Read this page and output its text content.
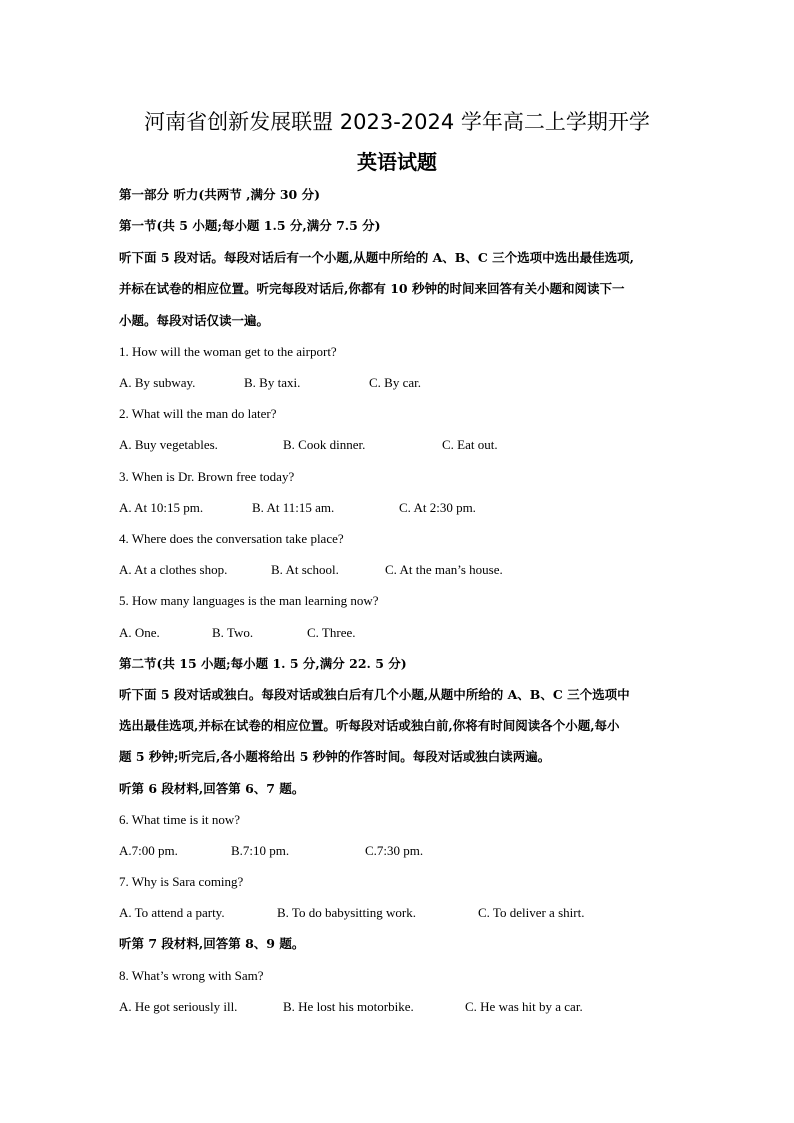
河南省创新发展联盟 2023-2024 学年高二上学期开学
英语试题
第一部分 听力(共两节 ,满分 30 分)
第一节(共 5 小题;每小题 1.5 分,满分 7.5 分)
听下面 5 段对话。每段对话后有一个小题,从题中所给的 A、B、C 三个选项中选出最佳选项,
并标在试卷的相应位置。听完每段对话后,你都有 10 秒钟的时间来回答有关小题和阅读下一
小题。每段对话仅读一遍。
1. How will the woman get to the airport?
A. By subway.	B. By taxi.	C. By car.
2. What will the man do later?
A. Buy vegetables.	B. Cook dinner.	C. Eat out.
3. When is Dr. Brown free today?
A. At 10:15 pm.	B. At 11:15 am.	C. At 2:30 pm.
4. Where does the conversation take place?
A. At a clothes shop.	B. At school.	C. At the man’s house.
5. How many languages is the man learning now?
A. One.	B. Two.	C. Three.
第二节(共 15 小题;每小题 1. 5 分,满分 22. 5 分)
听下面 5 段对话或独白。每段对话或独白后有几个小题,从题中所给的 A、B、C 三个选项中
选出最佳选项,并标在试卷的相应位置。听每段对话或独白前,你将有时间阅读各个小题,每小
题 5 秒钟;听完后,各小题将给出 5 秒钟的作答时间。每段对话或独白读两遍。
听第 6 段材料,回答第 6、7 题。
6. What time is it now?
A.7:00 pm.	B.7:10 pm.	C.7:30 pm.
7. Why is Sara coming?
A. To attend a party.	B. To do babysitting work.	C. To deliver a shirt.
听第 7 段材料,回答第 8、9 题。
8. What’s wrong with Sam?
A. He got seriously ill.	B. He lost his motorbike.	C. He was hit by a car.
